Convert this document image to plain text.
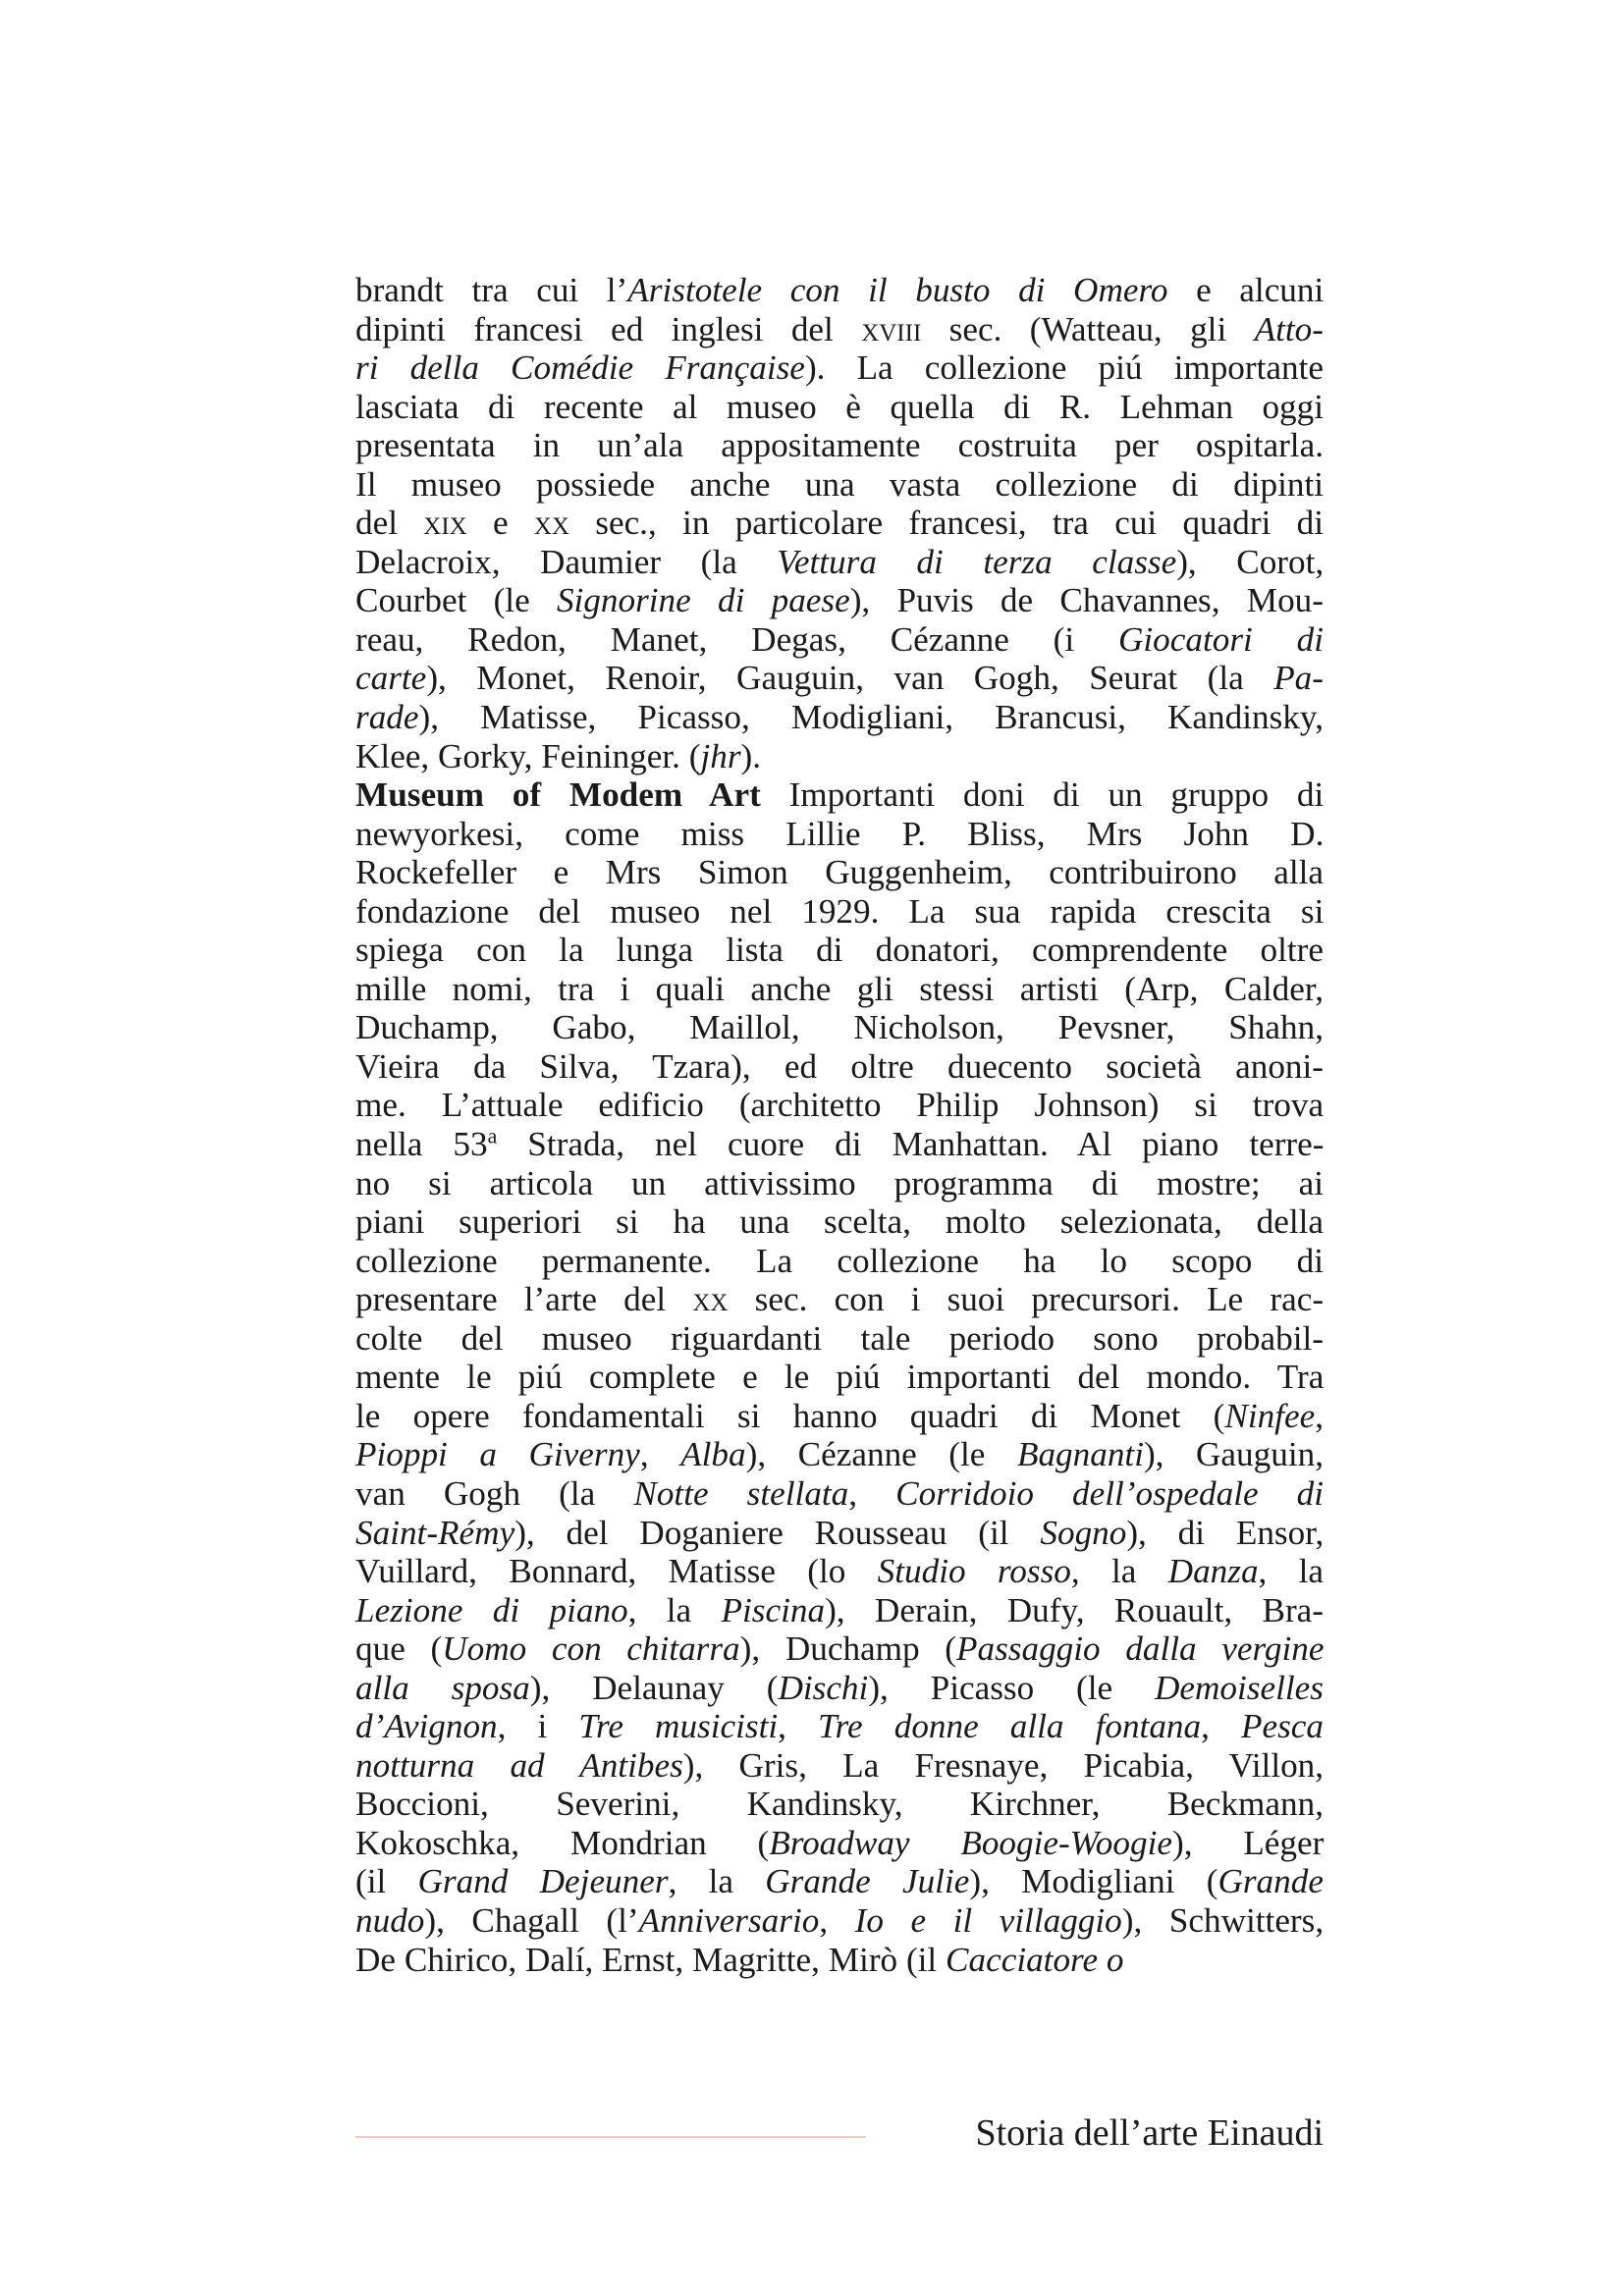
brandt tra cui l’Aristotele con il busto di Omero e alcuni
dipinti francesi ed inglesi del xviii sec. (Watteau, gli Atto-
ri della Comédie Française). La collezione piú importante
lasciata di recente al museo è quella di R. Lehman oggi
presentata in un’ala appositamente costruita per ospitarla.
Il museo possiede anche una vasta collezione di dipinti
del xix e xx sec., in particolare francesi, tra cui quadri di
Delacroix, Daumier (la Vettura di terza classe), Corot,
Courbet (le Signorine di paese), Puvis de Chavannes, Mou-
reau, Redon, Manet, Degas, Cézanne (i Giocatori di
carte), Monet, Renoir, Gauguin, van Gogh, Seurat (la Pa-
rade), Matisse, Picasso, Modigliani, Brancusi, Kandinsky,
Klee, Gorky, Feininger. (jhr).
Museum of Modem Art Importanti doni di un gruppo di
newyorkesi, come miss Lillie P. Bliss, Mrs John D.
Rockefeller e Mrs Simon Guggenheim, contribuirono alla
fondazione del museo nel 1929. La sua rapida crescita si
spiega con la lunga lista di donatori, comprendente oltre
mille nomi, tra i quali anche gli stessi artisti (Arp, Calder,
Duchamp, Gabo, Maillol, Nicholson, Pevsner, Shahn,
Vieira da Silva, Tzara), ed oltre duecento società anoni-
me. L’attuale edificio (architetto Philip Johnson) si trova
nella 53$^a$ Strada, nel cuore di Manhattan. Al piano terre-
no si articola un attivissimo programma di mostre; ai
piani superiori si ha una scelta, molto selezionata, della
collezione permanente. La collezione ha lo scopo di
presentare l’arte del xx sec. con i suoi precursori. Le rac-
colte del museo riguardanti tale periodo sono probabil-
mente le piú complete e le piú importanti del mondo. Tra
le opere fondamentali si hanno quadri di Monet (Ninfee,
Pioppi a Giverny, Alba), Cézanne (le Bagnanti), Gauguin,
van Gogh (la Notte stellata, Corridoio dell’ospedale di
Saint-Rémy), del Doganiere Rousseau (il Sogno), di Ensor,
Vuillard, Bonnard, Matisse (lo Studio rosso, la Danza, la
Lezione di piano, la Piscina), Derain, Dufy, Rouault, Bra-
que (Uomo con chitarra), Duchamp (Passaggio dalla vergine
alla sposa), Delaunay (Dischi), Picasso (le Demoiselles
d’Avignon, i Tre musicisti, Tre donne alla fontana, Pesca
notturna ad Antibes), Gris, La Fresnaye, Picabia, Villon,
Boccioni, Severini, Kandinsky, Kirchner, Beckmann,
Kokoschka, Mondrian (Broadway Boogie-Woogie), Léger
(il Grand Dejeuner, la Grande Julie), Modigliani (Grande
nudo), Chagall (l’Anniversario, Io e il villaggio), Schwitters,
De Chirico, Dalí, Ernst, Magritte, Mirò (il Cacciatore o
Storia dell’arte Einaudi
